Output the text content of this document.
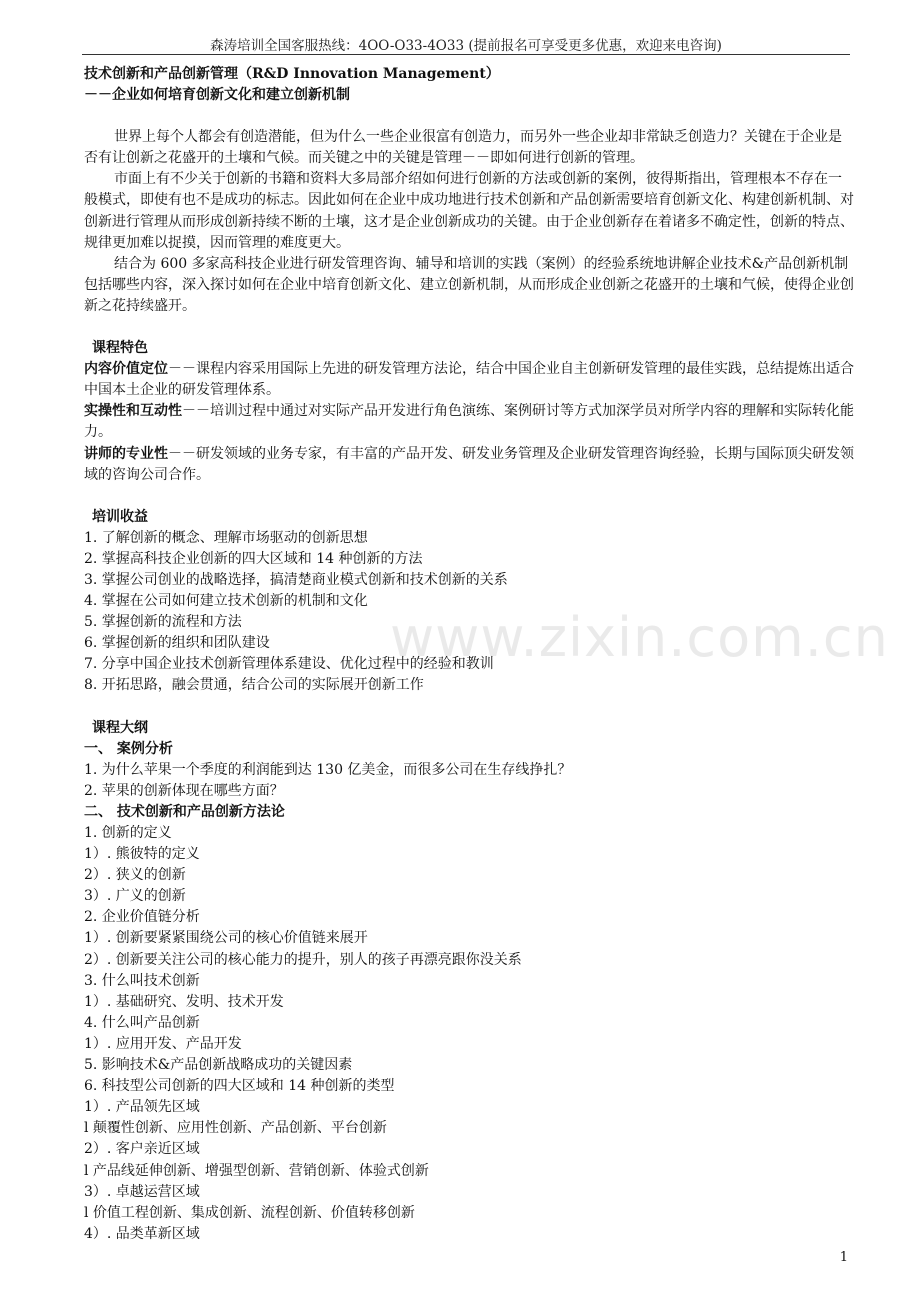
森涛培训全国客服热线：4OO-O33-4O33 (提前报名可享受更多优惠，欢迎来电咨询)

技术创新和产品创新管理（R&D Innovation Management）

－－企业如何培育创新文化和建立创新机制

世界上每个人都会有创造潜能，但为什么一些企业很富有创造力，而另外一些企业却非常缺乏创造力？关键在于企业是否有让创新之花盛开的土壤和气候。而关键之中的关键是管理－－即如何进行创新的管理。

市面上有不少关于创新的书籍和资料大多局部介绍如何进行创新的方法或创新的案例，彼得斯指出，管理根本不存在一般模式，即使有也不是成功的标志。因此如何在企业中成功地进行技术创新和产品创新需要培育创新文化、构建创新机制、对创新进行管理从而形成创新持续不断的土壤，这才是企业创新成功的关键。由于企业创新存在着诸多不确定性，创新的特点、规律更加难以捉摸，因而管理的难度更大。

结合为 600 多家高科技企业进行研发管理咨询、辅导和培训的实践（案例）的经验系统地讲解企业技术&产品创新机制包括哪些内容，深入探讨如何在企业中培育创新文化、建立创新机制，从而形成企业创新之花盛开的土壤和气候，使得企业创新之花持续盛开。

课程特色

内容价值定位－－课程内容采用国际上先进的研发管理方法论，结合中国企业自主创新研发管理的最佳实践，总结提炼出适合中国本土企业的研发管理体系。

实操性和互动性－－培训过程中通过对实际产品开发进行角色演练、案例研讨等方式加深学员对所学内容的理解和实际转化能力。

讲师的专业性－－研发领域的业务专家，有丰富的产品开发、研发业务管理及企业研发管理咨询经验，长期与国际顶尖研发领域的咨询公司合作。

培训收益

1. 了解创新的概念、理解市场驱动的创新思想

2. 掌握高科技企业创新的四大区域和 14 种创新的方法

3. 掌握公司创业的战略选择，搞清楚商业模式创新和技术创新的关系

4. 掌握在公司如何建立技术创新的机制和文化

5. 掌握创新的流程和方法

6. 掌握创新的组织和团队建设

7. 分享中国企业技术创新管理体系建设、优化过程中的经验和教训

8. 开拓思路，融会贯通，结合公司的实际展开创新工作

课程大纲

一、 案例分析

1. 为什么苹果一个季度的利润能到达 130 亿美金，而很多公司在生存线挣扎？

2. 苹果的创新体现在哪些方面？

二、 技术创新和产品创新方法论

1. 创新的定义

1）. 熊彼特的定义

2）. 狭义的创新

3）. 广义的创新

2. 企业价值链分析

1）. 创新要紧紧围绕公司的核心价值链来展开

2）. 创新要关注公司的核心能力的提升，别人的孩子再漂亮跟你没关系

3. 什么叫技术创新

1）. 基础研究、发明、技术开发

4. 什么叫产品创新

1）. 应用开发、产品开发

5. 影响技术&产品创新战略成功的关键因素

6. 科技型公司创新的四大区域和 14 种创新的类型

1）. 产品领先区域

l 颠覆性创新、应用性创新、产品创新、平台创新

2）. 客户亲近区域

l 产品线延伸创新、增强型创新、营销创新、体验式创新

3）. 卓越运营区域

l 价值工程创新、集成创新、流程创新、价值转移创新

4）. 品类革新区域

www.zixin.com.cn
1
